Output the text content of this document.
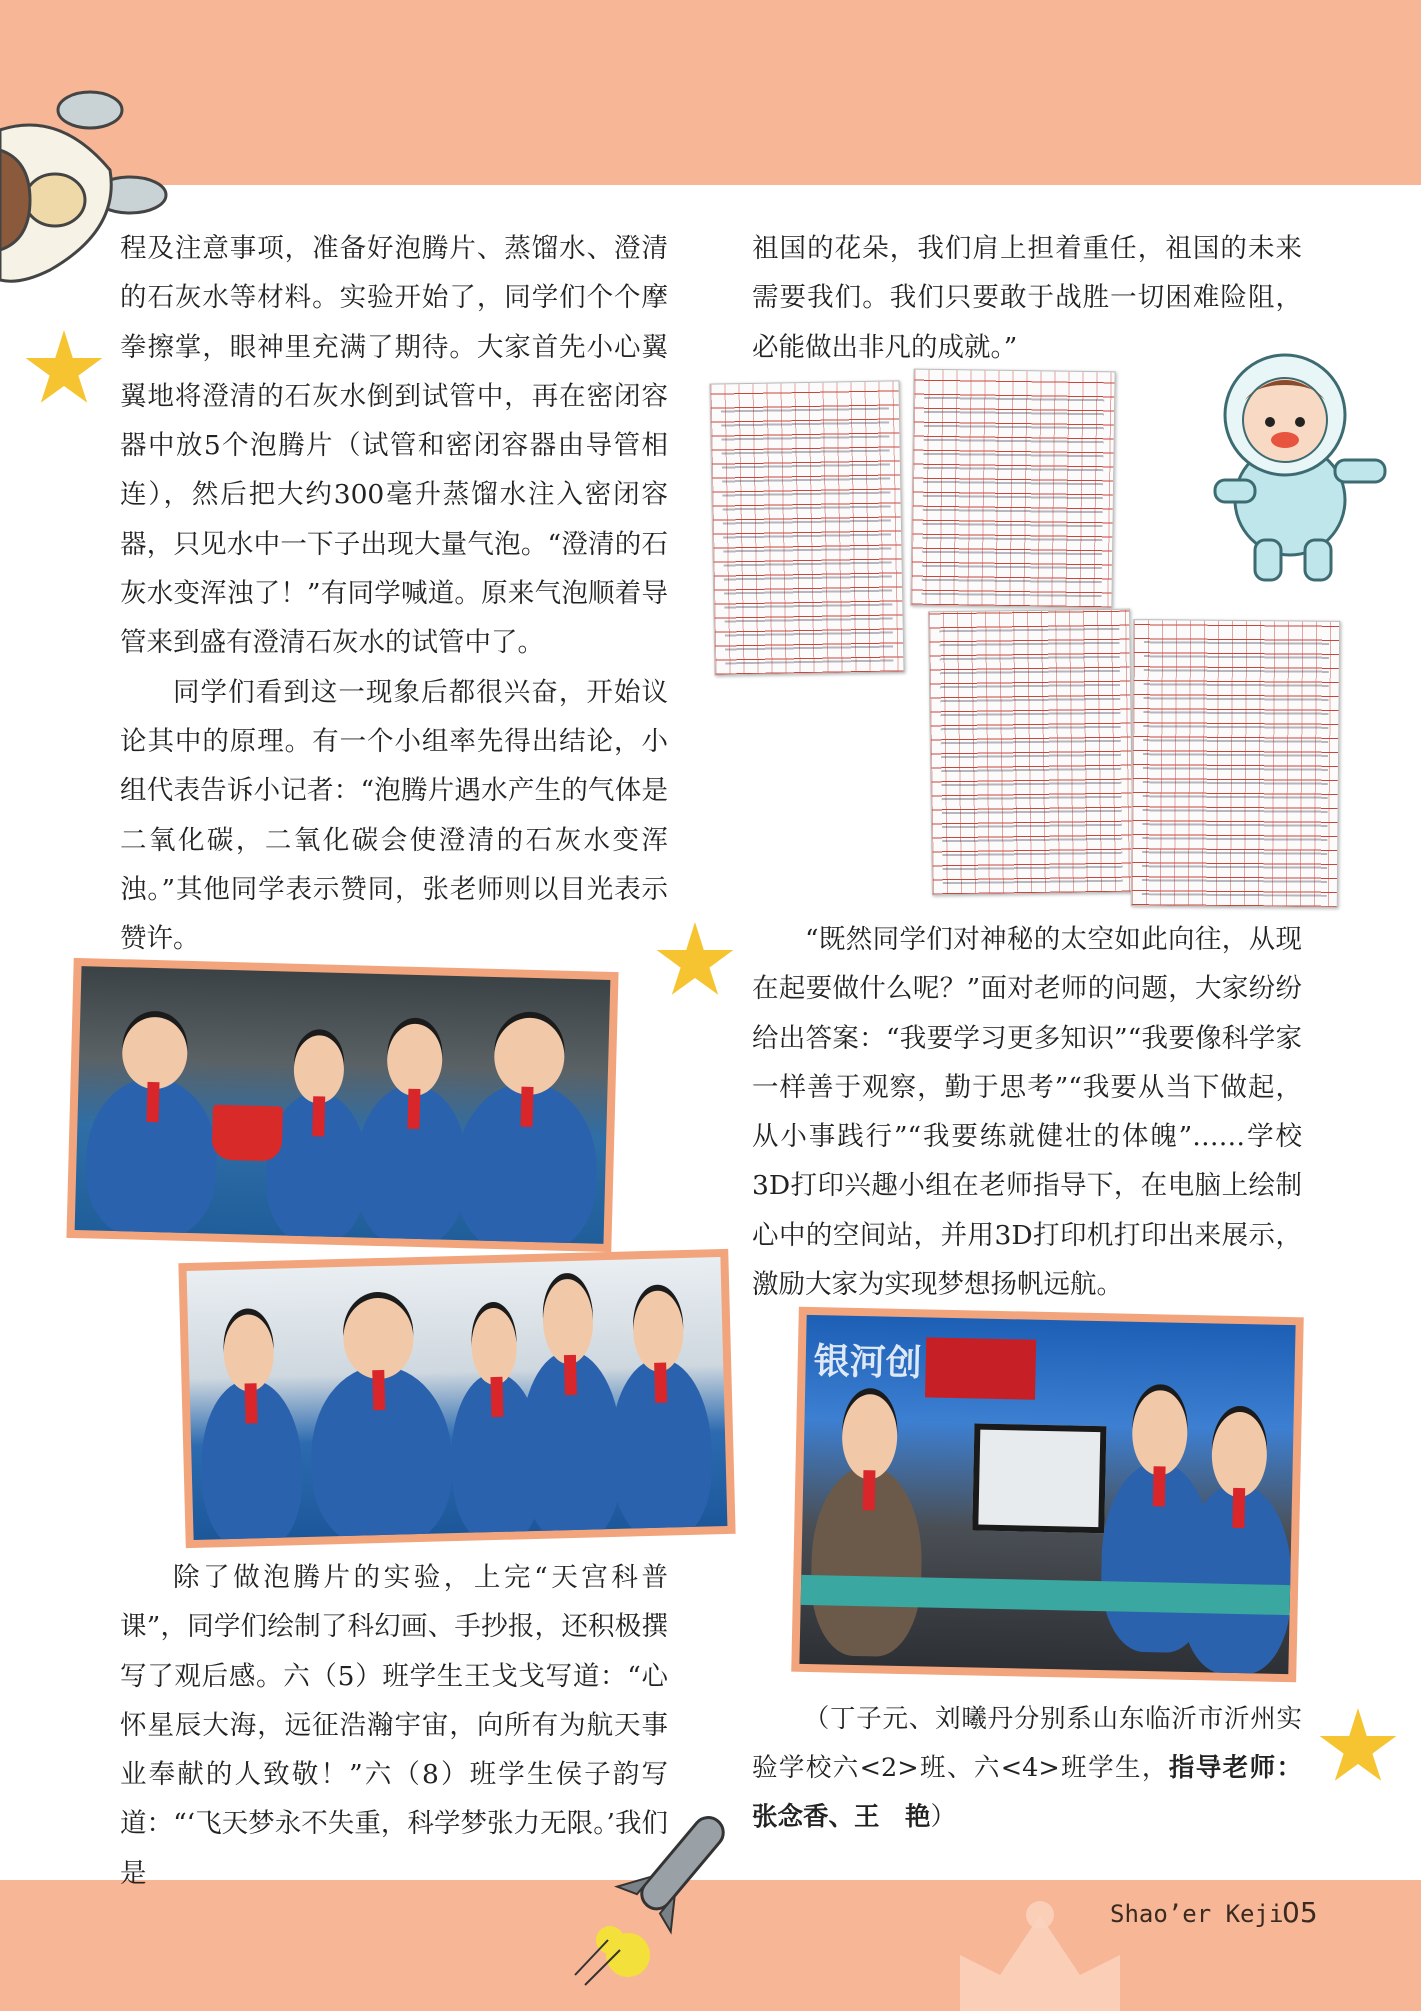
程及注意事项，准备好泡腾片、蒸馏水、澄清的石灰水等材料。实验开始了，同学们个个摩拳擦掌，眼神里充满了期待。大家首先小心翼翼地将澄清的石灰水倒到试管中，再在密闭容器中放5个泡腾片（试管和密闭容器由导管相连），然后把大约300毫升蒸馏水注入密闭容器，只见水中一下子出现大量气泡。“澄清的石灰水变浑浊了！”有同学喊道。原来气泡顺着导管来到盛有澄清石灰水的试管中了。

同学们看到这一现象后都很兴奋，开始议论其中的原理。有一个小组率先得出结论，小组代表告诉小记者：“泡腾片遇水产生的气体是二氧化碳，二氧化碳会使澄清的石灰水变浑浊。”其他同学表示赞同，张老师则以目光表示赞许。

除了做泡腾片的实验，上完“天宫科普课”，同学们绘制了科幻画、手抄报，还积极撰写了观后感。六（5）班学生王戈戈写道：“心怀星辰大海，远征浩瀚宇宙，向所有为航天事业奉献的人致敬！”六（8）班学生侯子韵写道：“‘飞天梦永不失重，科学梦张力无限。’我们是

祖国的花朵，我们肩上担着重任，祖国的未来需要我们。我们只要敢于战胜一切困难险阻，必能做出非凡的成就。”

“既然同学们对神秘的太空如此向往，从现在起要做什么呢？”面对老师的问题，大家纷纷给出答案：“我要学习更多知识”“我要像科学家一样善于观察，勤于思考”“我要从当下做起，从小事践行”“我要练就健壮的体魄”……学校3D打印兴趣小组在老师指导下，在电脑上绘制心中的空间站，并用3D打印机打印出来展示，激励大家为实现梦想扬帆远航。

银河创
（丁子元、刘曦丹分别系山东临沂市沂州实验学校六<2>班、六<4>班学生，指导老师：张念香、王　艳）
Shao’er Keji
05
